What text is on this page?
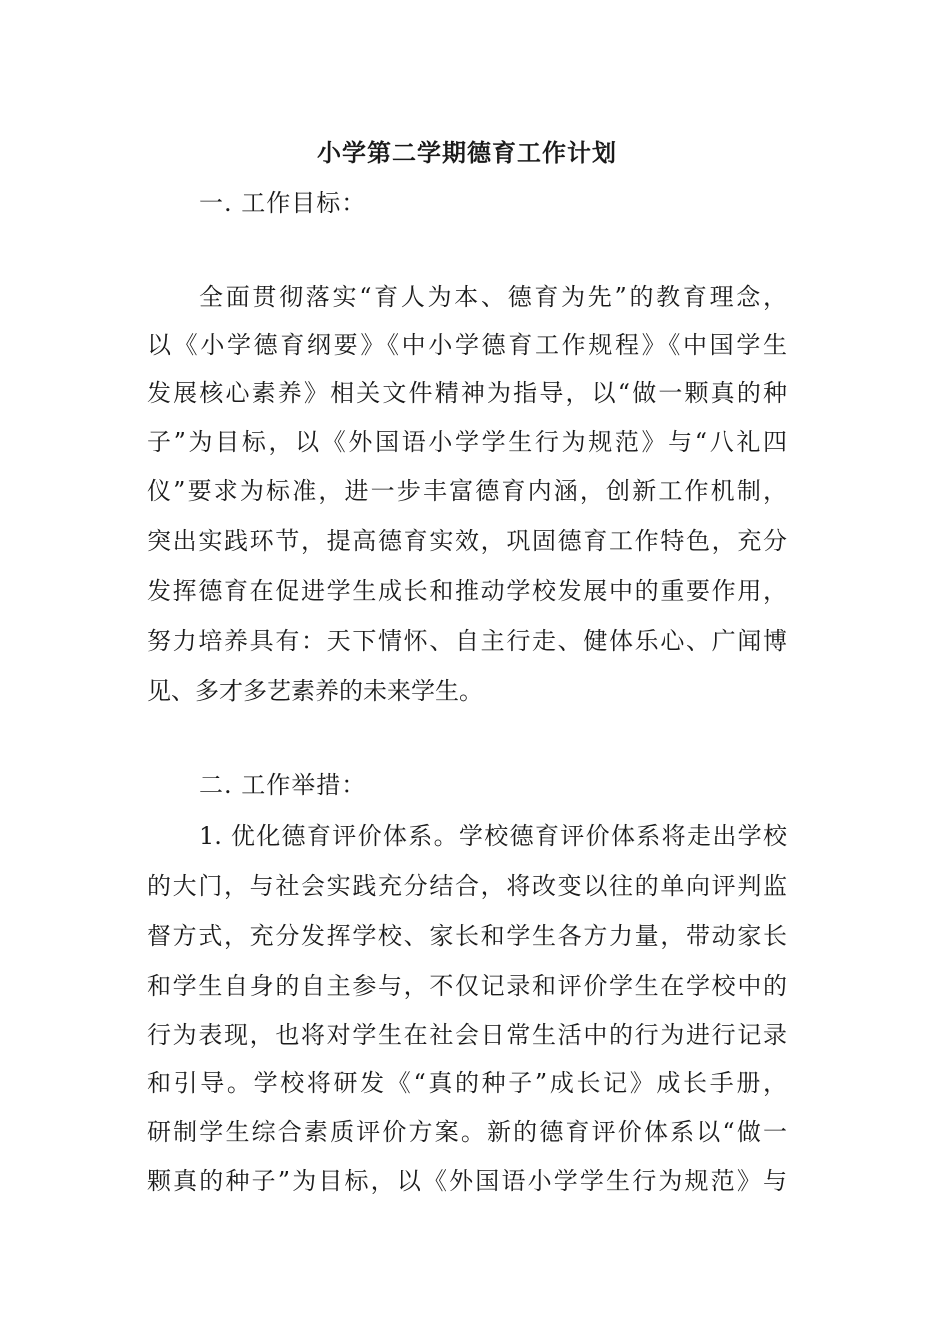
小学第二学期德育工作计划
一. 工作目标：
全面贯彻落实“育人为本、德育为先”的教育理念，
以《小学德育纲要》《中小学德育工作规程》《中国学生
发展核心素养》相关文件精神为指导，以“做一颗真的种
子”为目标，以《外国语小学学生行为规范》与“八礼四
仪”要求为标准，进一步丰富德育内涵，创新工作机制，
突出实践环节，提高德育实效，巩固德育工作特色，充分
发挥德育在促进学生成长和推动学校发展中的重要作用，
努力培养具有：天下情怀、自主行走、健体乐心、广闻博
见、多才多艺素养的未来学生。
二. 工作举措：
1. 优化德育评价体系。学校德育评价体系将走出学校
的大门，与社会实践充分结合，将改变以往的单向评判监
督方式，充分发挥学校、家长和学生各方力量，带动家长
和学生自身的自主参与，不仅记录和评价学生在学校中的
行为表现，也将对学生在社会日常生活中的行为进行记录
和引导。学校将研发《“真的种子”成长记》成长手册，
研制学生综合素质评价方案。新的德育评价体系以“做一
颗真的种子”为目标，以《外国语小学学生行为规范》与
